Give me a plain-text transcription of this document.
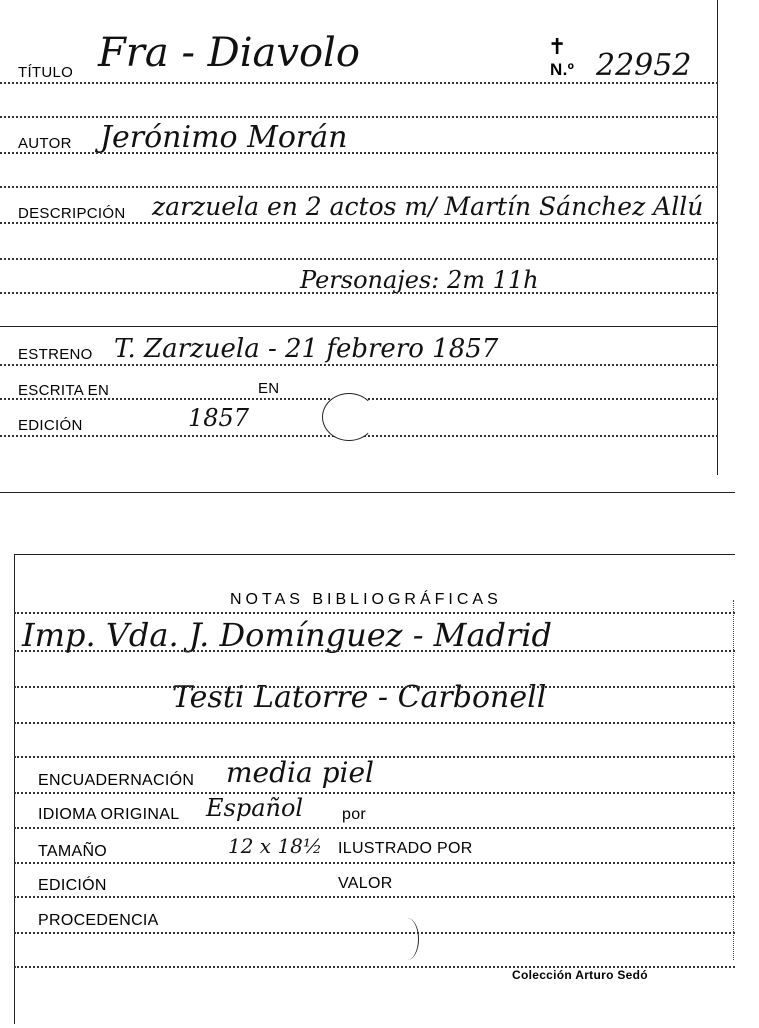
TÍTULO Fra - Diavolo	✝
N.º 22952
AUTOR Jerónimo Morán
DESCRIPCIÓN zarzuela en 2 actos m/ Martín Sánchez Allú
Personajes: 2m 11h
ESTRENO T. Zarzuela - 21 febrero 1857
ESCRITA EN	EN
EDICIÓN	1857
NOTAS BIBLIOGRÁFICAS
Imp. Vda. J. Domínguez - Madrid
Testi Latorre - Carbonell
ENCUADERNACIÓN media piel
IDIOMA ORIGINAL Español por
TAMAÑO	12 x 18½ ILUSTRADO POR
EDICIÓN	VALOR
PROCEDENCIA
Colección Arturo Sedó
